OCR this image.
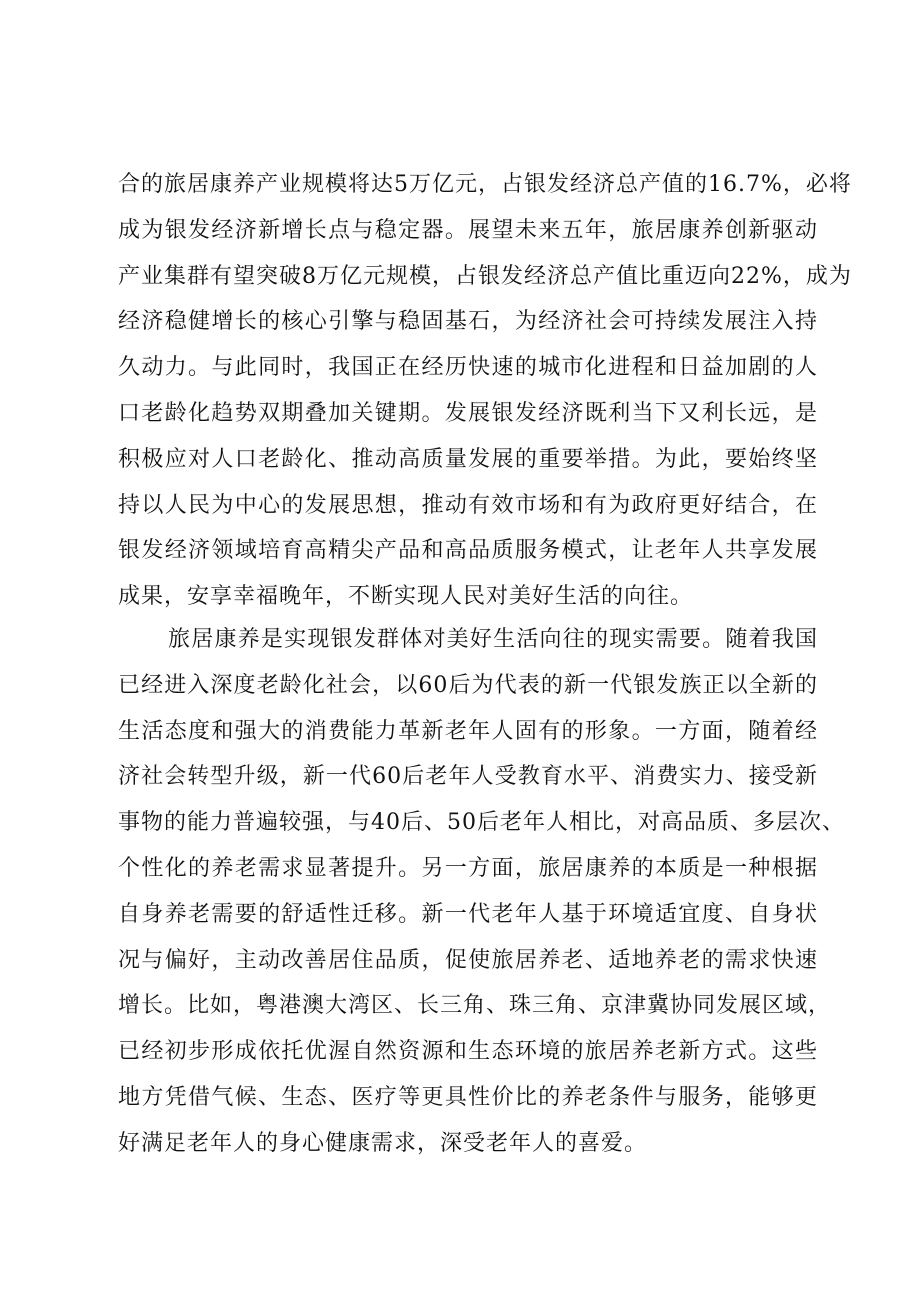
合的旅居康养产业规模将达5万亿元，占银发经济总产值的16.7%，必将
成为银发经济新增长点与稳定器。展望未来五年，旅居康养创新驱动
产业集群有望突破8万亿元规模，占银发经济总产值比重迈向22%，成为
经济稳健增长的核心引擎与稳固基石，为经济社会可持续发展注入持
久动力。与此同时，我国正在经历快速的城市化进程和日益加剧的人
口老龄化趋势双期叠加关键期。发展银发经济既利当下又利长远，是
积极应对人口老龄化、推动高质量发展的重要举措。为此，要始终坚
持以人民为中心的发展思想，推动有效市场和有为政府更好结合，在
银发经济领域培育高精尖产品和高品质服务模式，让老年人共享发展
成果，安享幸福晚年，不断实现人民对美好生活的向往。
旅居康养是实现银发群体对美好生活向往的现实需要。随着我国
已经进入深度老龄化社会，以60后为代表的新一代银发族正以全新的
生活态度和强大的消费能力革新老年人固有的形象。一方面，随着经
济社会转型升级，新一代60后老年人受教育水平、消费实力、接受新
事物的能力普遍较强，与40后、50后老年人相比，对高品质、多层次、
个性化的养老需求显著提升。另一方面，旅居康养的本质是一种根据
自身养老需要的舒适性迁移。新一代老年人基于环境适宜度、自身状
况与偏好，主动改善居住品质，促使旅居养老、适地养老的需求快速
增长。比如，粤港澳大湾区、长三角、珠三角、京津冀协同发展区域，
已经初步形成依托优渥自然资源和生态环境的旅居养老新方式。这些
地方凭借气候、生态、医疗等更具性价比的养老条件与服务，能够更
好满足老年人的身心健康需求，深受老年人的喜爱。
